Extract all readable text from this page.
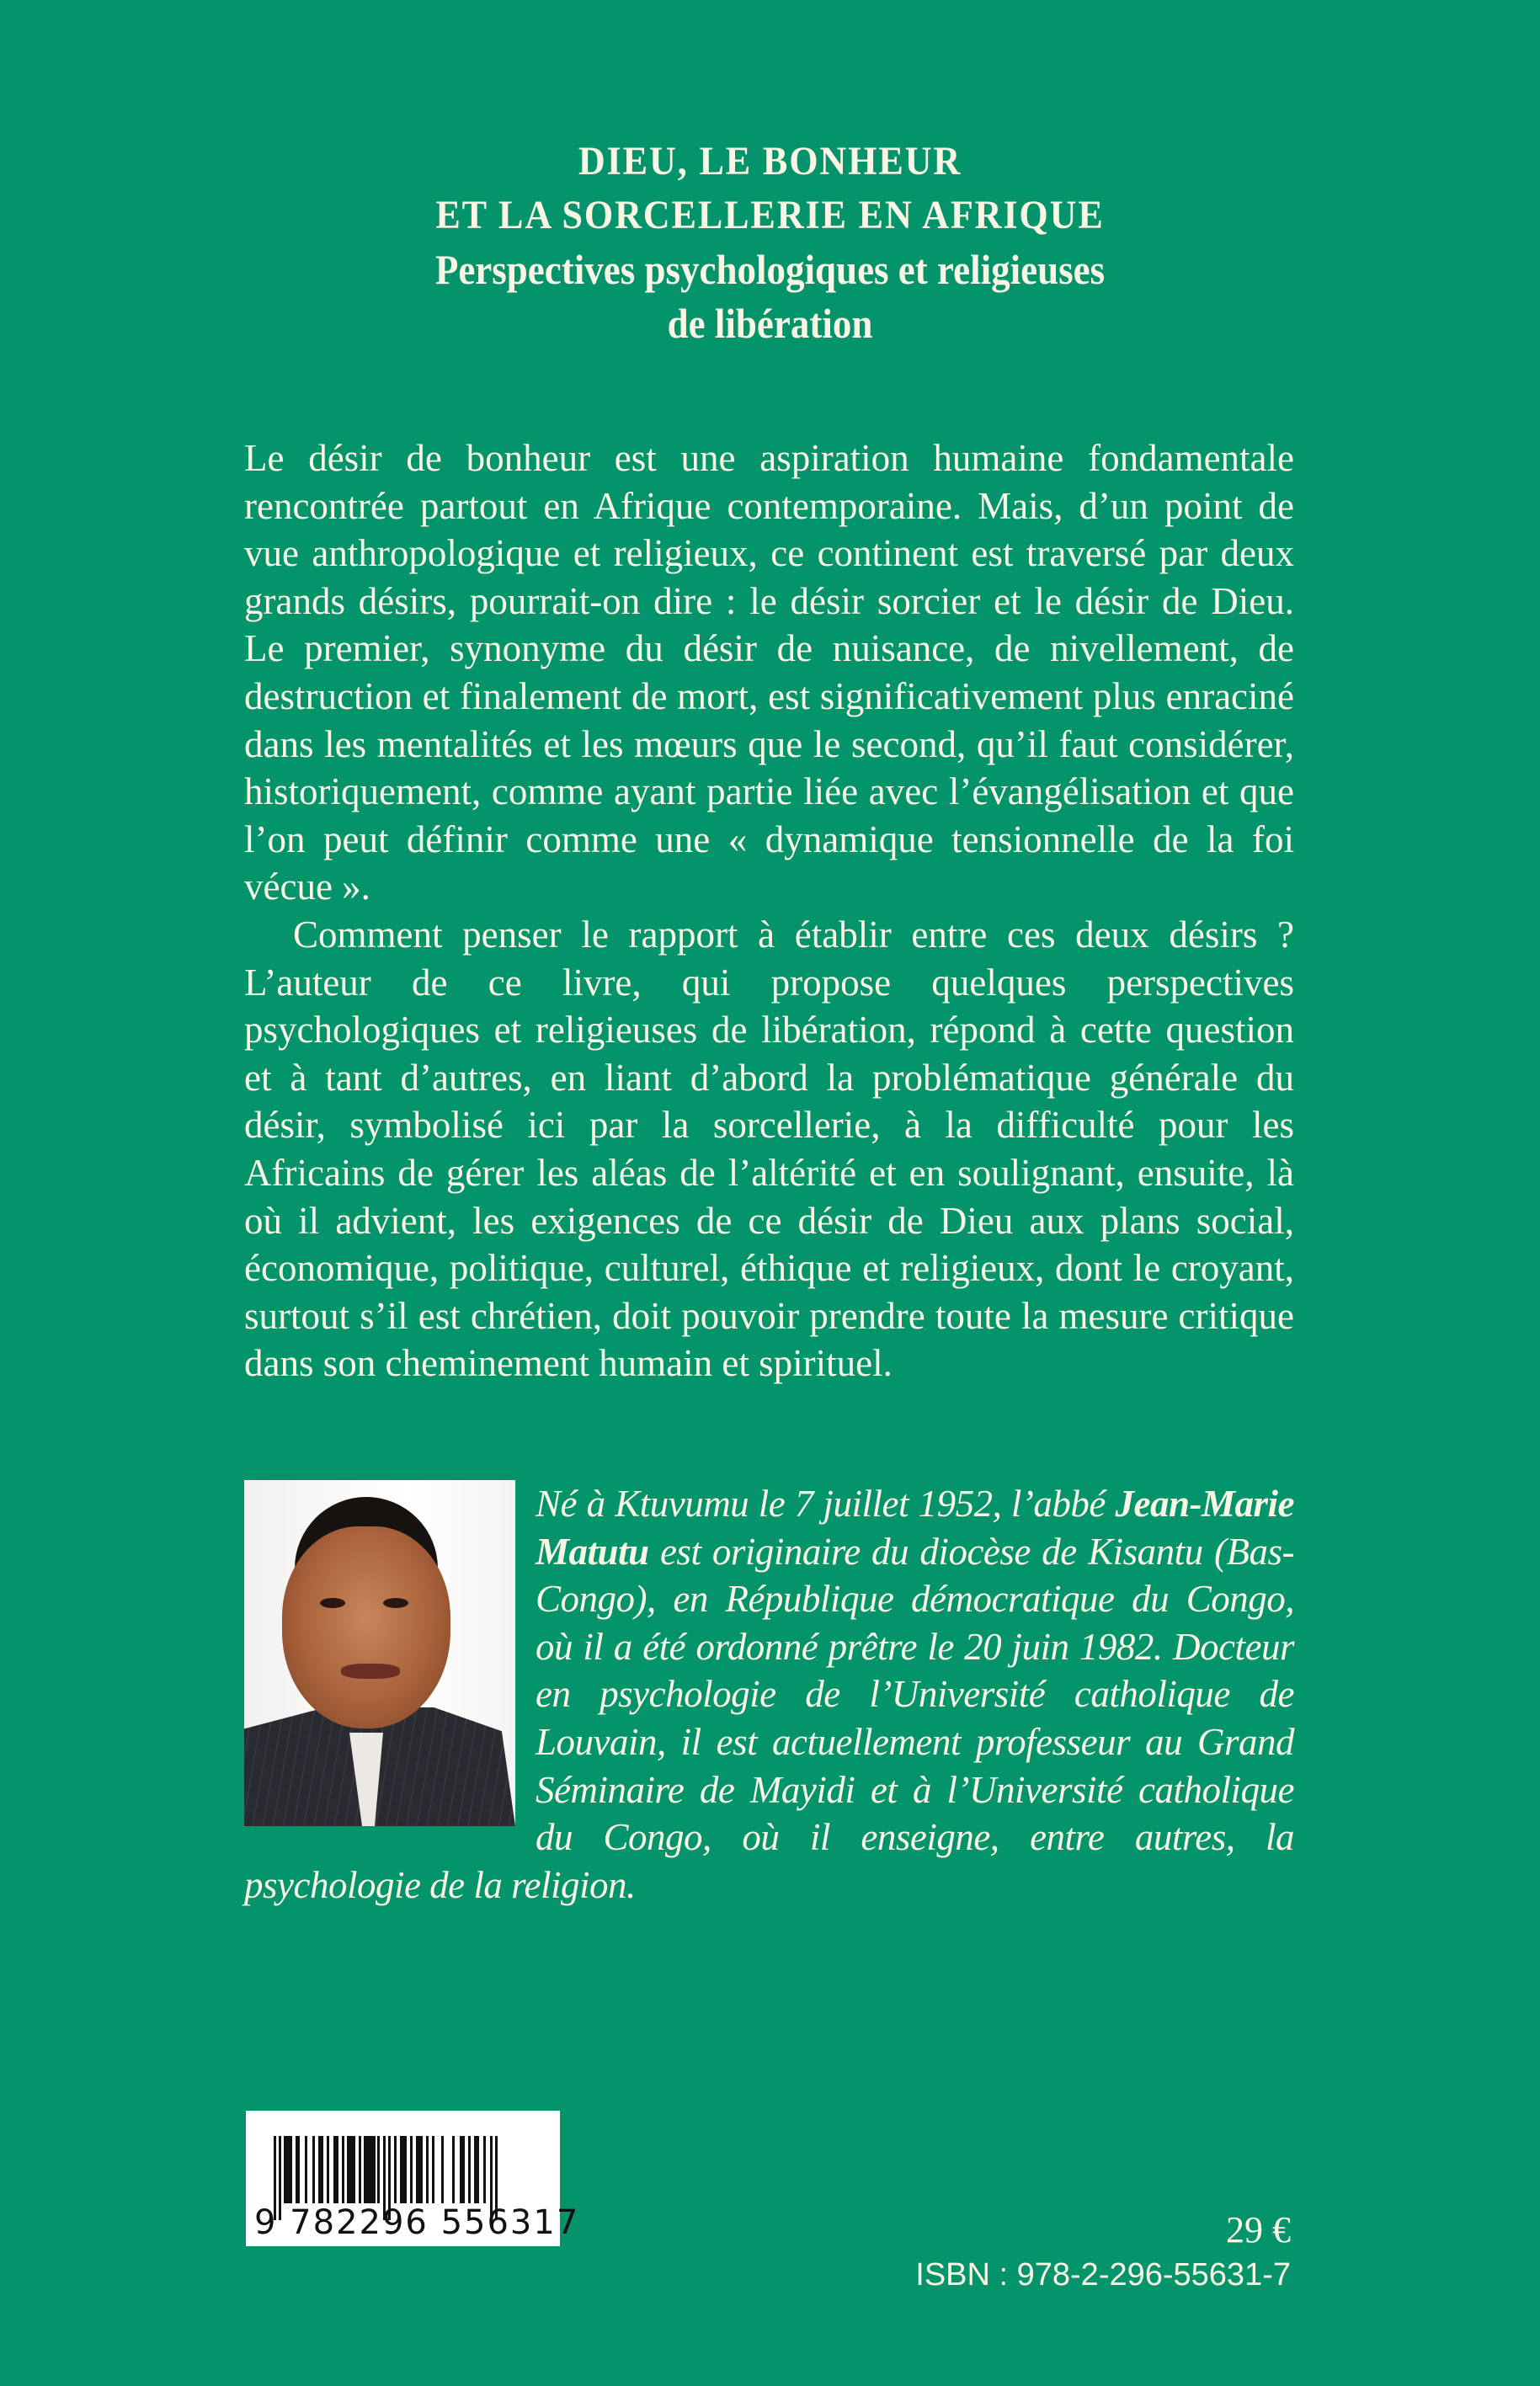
DIEU, LE BONHEUR
ET LA SORCELLERIE EN AFRIQUE
Perspectives psychologiques et religieuses
de libération

Le désir de bonheur est une aspiration humaine fondamentale rencontrée partout en Afrique contemporaine. Mais, d’un point de vue anthropologique et religieux, ce continent est traversé par deux grands désirs, pourrait-on dire : le désir sorcier et le désir de Dieu. Le premier, synonyme du désir de nuisance, de nivellement, de destruction et finalement de mort, est significativement plus enraciné dans les mentalités et les mœurs que le second, qu’il faut considérer, historiquement, comme ayant partie liée avec l’évangélisation et que l’on peut définir comme une « dynamique tensionnelle de la foi vécue ».

Comment penser le rapport à établir entre ces deux désirs ? L’auteur de ce livre, qui propose quelques perspectives psychologiques et religieuses de libération, répond à cette question et à tant d’autres, en liant d’abord la problématique générale du désir, symbolisé ici par la sorcellerie, à la difficulté pour les Africains de gérer les aléas de l’altérité et en soulignant, ensuite, là où il advient, les exigences de ce désir de Dieu aux plans social, économique, politique, culturel, éthique et religieux, dont le croyant, surtout s’il est chrétien, doit pouvoir prendre toute la mesure critique dans son cheminement humain et spirituel.

Né à Ktuvumu le 7 juillet 1952, l’abbé Jean-Marie Matutu est originaire du diocèse de Kisantu (Bas-Congo), en République démocratique du Congo, où il a été ordonné prêtre le 20 juin 1982. Docteur en psychologie de l’Université catholique de Louvain, il est actuellement professeur au Grand Séminaire de Mayidi et à l’Université catholique du Congo, où il enseigne, entre autres, la psychologie de la religion.

9 782296 556317	29 €
ISBN : 978-2-296-55631-7
